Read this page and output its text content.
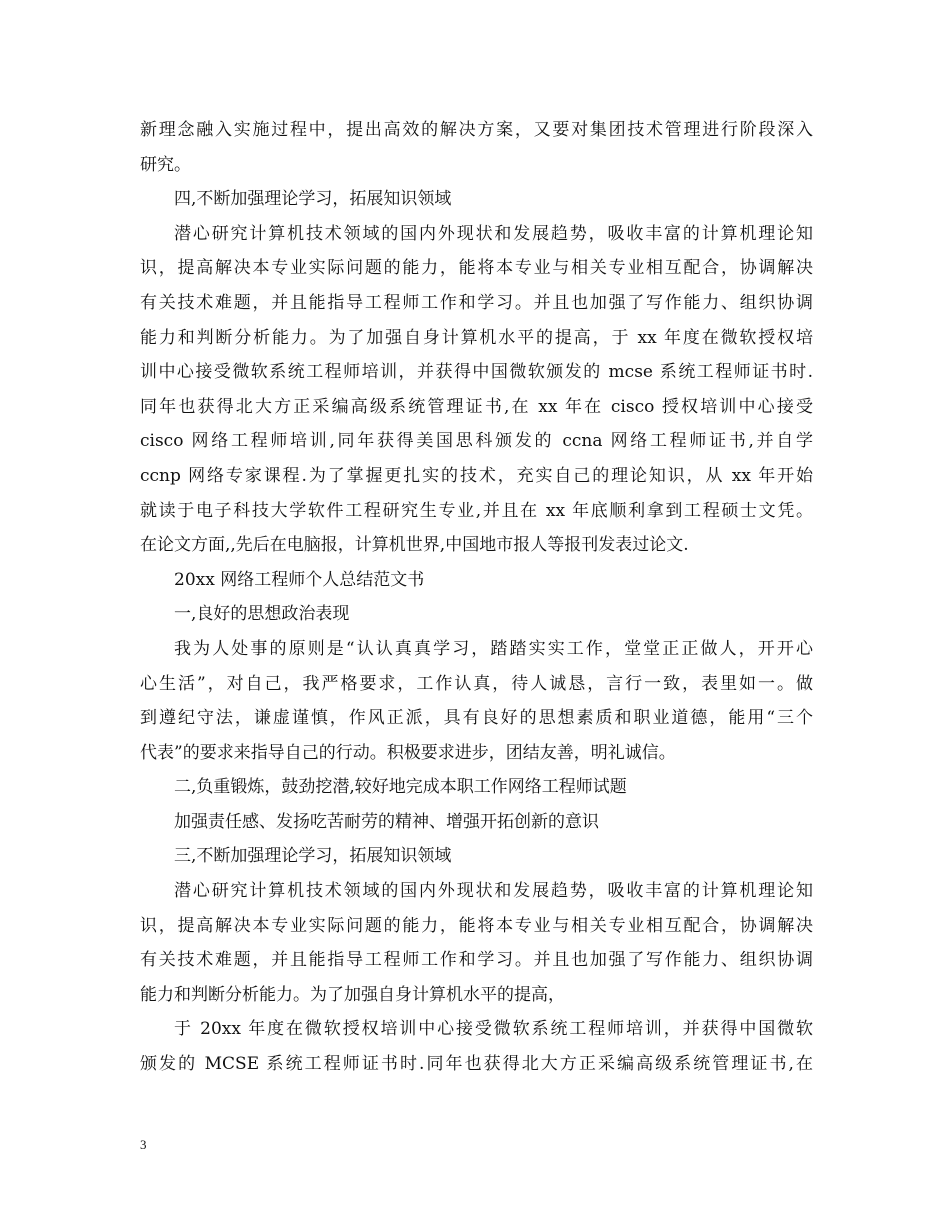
新理念融入实施过程中，提出高效的解决方案，又要对集团技术管理进行阶段深入
研究。
四,不断加强理论学习，拓展知识领域
潜心研究计算机技术领域的国内外现状和发展趋势，吸收丰富的计算机理论知
识，提高解决本专业实际问题的能力，能将本专业与相关专业相互配合，协调解决
有关技术难题，并且能指导工程师工作和学习。并且也加强了写作能力、组织协调
能力和判断分析能力。为了加强自身计算机水平的提高，于 xx 年度在微软授权培
训中心接受微软系统工程师培训，并获得中国微软颁发的 mcse 系统工程师证书时.
同年也获得北大方正采编高级系统管理证书,在 xx 年在 cisco 授权培训中心接受
cisco 网络工程师培训,同年获得美国思科颁发的 ccna 网络工程师证书,并自学
ccnp 网络专家课程.为了掌握更扎实的技术，充实自己的理论知识，从 xx 年开始
就读于电子科技大学软件工程研究生专业,并且在 xx 年底顺利拿到工程硕士文凭。
在论文方面,,先后在电脑报，计算机世界,中国地市报人等报刊发表过论文.
20xx 网络工程师个人总结范文书
一,良好的思想政治表现
我为人处事的原则是“认认真真学习，踏踏实实工作，堂堂正正做人，开开心
心生活”，对自己，我严格要求，工作认真，待人诚恳，言行一致，表里如一。做
到遵纪守法，谦虚谨慎，作风正派，具有良好的思想素质和职业道德，能用“三个
代表”的要求来指导自己的行动。积极要求进步，团结友善，明礼诚信。
二,负重锻炼，鼓劲挖潜,较好地完成本职工作网络工程师试题
加强责任感、发扬吃苦耐劳的精神、增强开拓创新的意识
三,不断加强理论学习，拓展知识领域
潜心研究计算机技术领域的国内外现状和发展趋势，吸收丰富的计算机理论知
识，提高解决本专业实际问题的能力，能将本专业与相关专业相互配合，协调解决
有关技术难题，并且能指导工程师工作和学习。并且也加强了写作能力、组织协调
能力和判断分析能力。为了加强自身计算机水平的提高，
于 20xx 年度在微软授权培训中心接受微软系统工程师培训，并获得中国微软
颁发的 MCSE 系统工程师证书时.同年也获得北大方正采编高级系统管理证书,在
3
